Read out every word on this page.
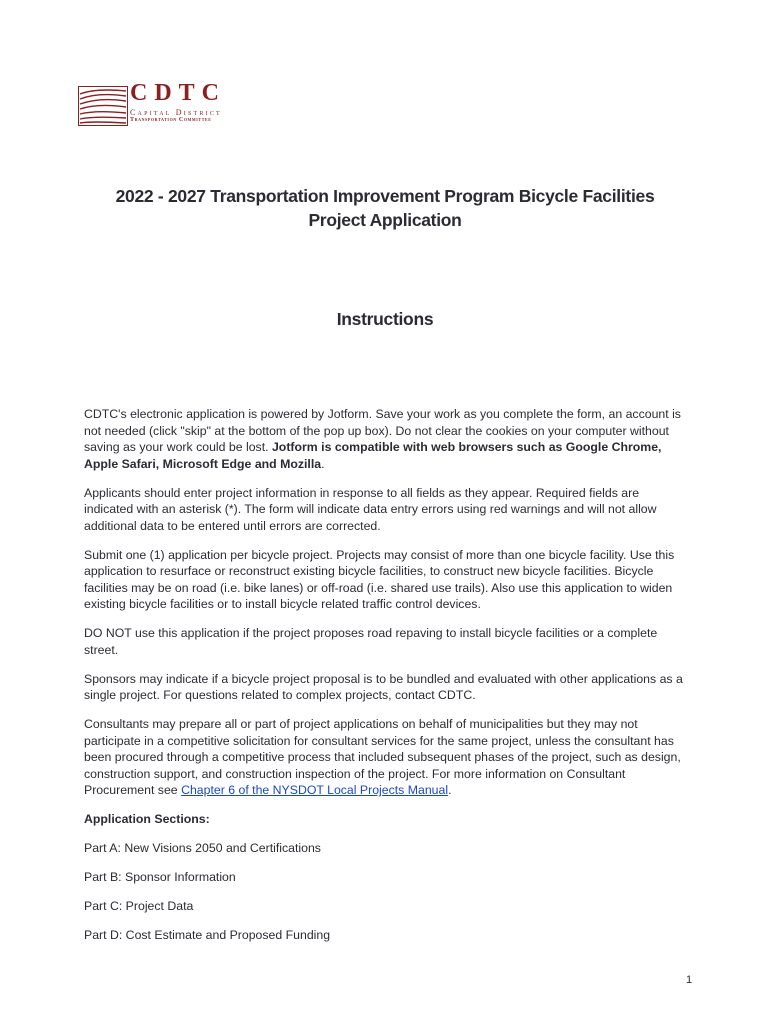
CDTC
Capital District
Transportation Committee
2022 - 2027 Transportation Improvement Program Bicycle Facilities
Project Application
Instructions

CDTC's electronic application is powered by Jotform. Save your work as you complete the form, an account is not needed (click "skip" at the bottom of the pop up box). Do not clear the cookies on your computer without saving as your work could be lost. Jotform is compatible with web browsers such as Google Chrome, Apple Safari, Microsoft Edge and Mozilla.

Applicants should enter project information in response to all fields as they appear. Required fields are indicated with an asterisk (*). The form will indicate data entry errors using red warnings and will not allow additional data to be entered until errors are corrected.

Submit one (1) application per bicycle project. Projects may consist of more than one bicycle facility. Use this application to resurface or reconstruct existing bicycle facilities, to construct new bicycle facilities. Bicycle facilities may be on road (i.e. bike lanes) or off-road (i.e. shared use trails). Also use this application to widen existing bicycle facilities or to install bicycle related traffic control devices.

DO NOT use this application if the project proposes road repaving to install bicycle facilities or a complete street.

Sponsors may indicate if a bicycle project proposal is to be bundled and evaluated with other applications as a single project. For questions related to complex projects, contact CDTC.

Consultants may prepare all or part of project applications on behalf of municipalities but they may not participate in a competitive solicitation for consultant services for the same project, unless the consultant has been procured through a competitive process that included subsequent phases of the project, such as design, construction support, and construction inspection of the project. For more information on Consultant Procurement see Chapter 6 of the NYSDOT Local Projects Manual.

Application Sections:

Part A: New Visions 2050 and Certifications

Part B: Sponsor Information

Part C: Project Data

Part D: Cost Estimate and Proposed Funding

1
